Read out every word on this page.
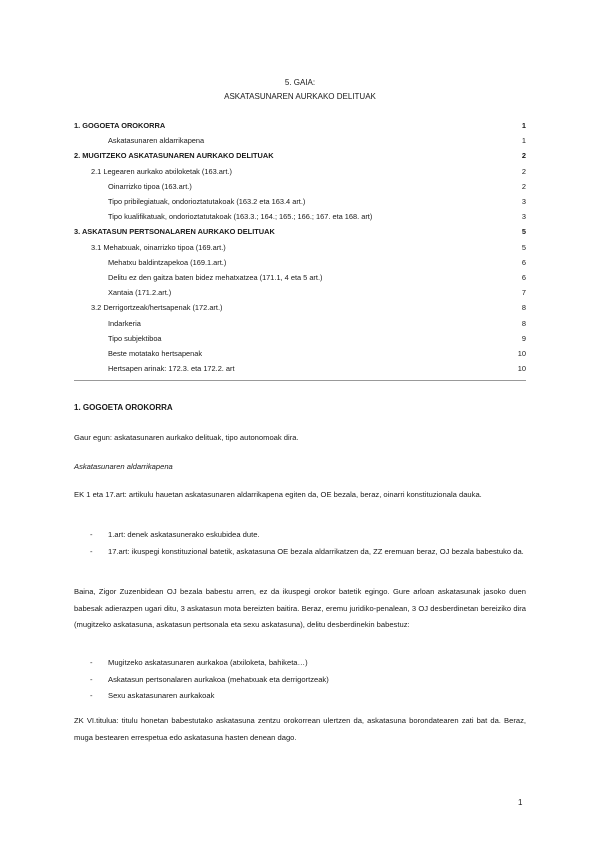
5. GAIA:
ASKATASUNAREN AURKAKO DELITUAK
1. GOGOETA OROKORRA	1
Askatasunaren aldarrikapena	1
2. MUGITZEKO ASKATASUNAREN AURKAKO DELITUAK	2
2.1 Legearen aurkako atxiloketak (163.art.)	2
Oinarrizko tipoa (163.art.)	2
Tipo pribilegiatuak, ondorioztatutakoak (163.2 eta 163.4 art.)	3
Tipo kualifikatuak, ondorioztatutakoak (163.3.; 164.; 165.; 166.; 167. eta 168. art)	3
3. ASKATASUN PERTSONALAREN AURKAKO DELITUAK	5
3.1 Mehatxuak, oinarrizko tipoa (169.art.)	5
Mehatxu baldintzapekoa (169.1.art.)	6
Delitu ez den gaitza baten bidez mehatxatzea (171.1, 4 eta 5 art.)	6
Xantaia (171.2.art.)	7
3.2 Derrigortzeak/hertsapenak (172.art.)	8
Indarkeria	8
Tipo subjektiboa	9
Beste motatako hertsapenak	10
Hertsapen arinak: 172.3. eta 172.2. art	10
1. GOGOETA OROKORRA
Gaur egun: askatasunaren aurkako delituak, tipo autonomoak dira.
Askatasunaren aldarrikapena
EK 1 eta 17.art: artikulu hauetan askatasunaren aldarrikapena egiten da, OE bezala, beraz, oinarri konstituzionala dauka.
- 1.art: denek askatasunerako eskubidea dute.
- 17.art: ikuspegi konstituzional batetik, askatasuna OE bezala aldarrikatzen da, ZZ eremuan beraz, OJ bezala babestuko da.
Baina, Zigor Zuzenbidean OJ bezala babestu arren, ez da ikuspegi orokor batetik egingo. Gure arloan askatasunak jasoko duen babesak adierazpen ugari ditu, 3 askatasun mota bereizten baitira. Beraz, eremu juridiko-penalean, 3 OJ desberdinetan bereiziko dira (mugitzeko askatasuna, askatasun pertsonala eta sexu askatasuna), delitu desberdinekin babestuz:
- Mugitzeko askatasunaren aurkakoa (atxiloketa, bahiketa…)
- Askatasun pertsonalaren aurkakoa (mehatxuak eta derrigortzeak)
- Sexu askatasunaren aurkakoak
ZK VI.titulua: titulu honetan babestutako askatasuna zentzu orokorrean ulertzen da, askatasuna borondatearen zati bat da. Beraz, muga bestearen errespetua edo askatasuna hasten denean dago.
1
